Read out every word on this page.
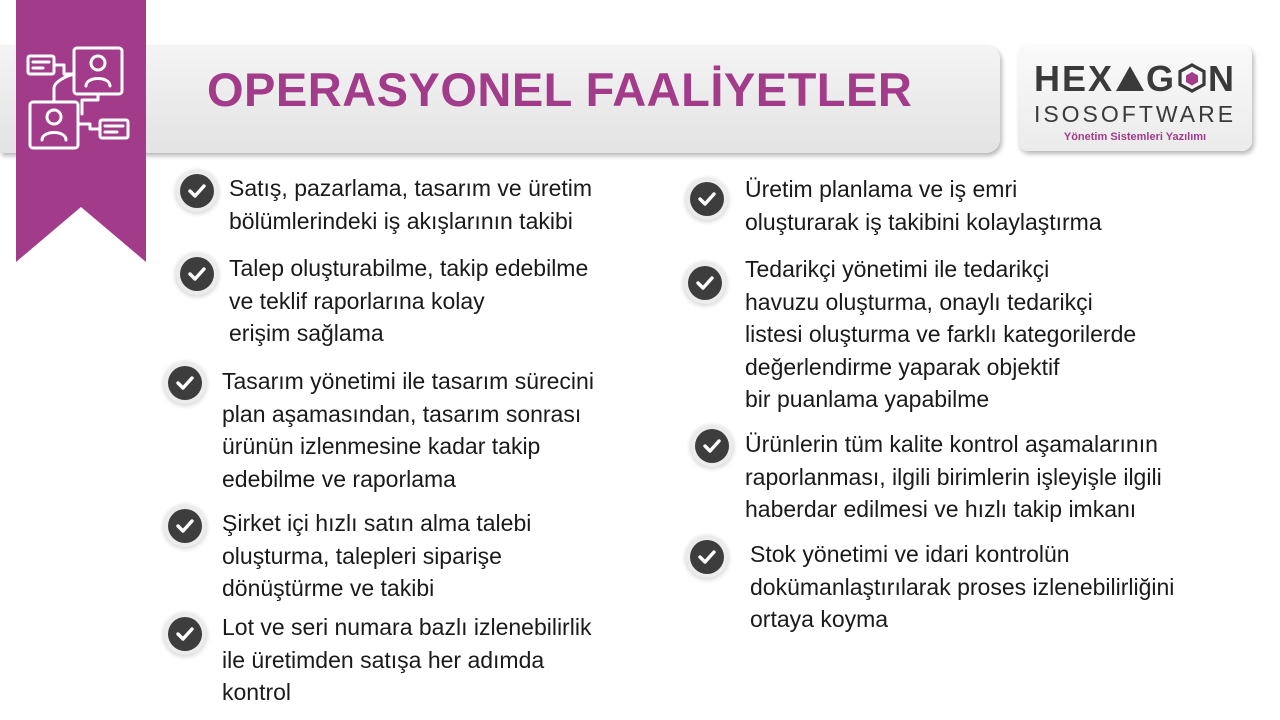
OPERASYONEL FAALİYETLER	HEX G N
ISOSOFTWARE
Yönetim Sistemleri Yazılımı

Satış, pazarlama, tasarım ve üretim
bölümlerindeki iş akışlarının takibi

Talep oluşturabilme, takip edebilme
ve teklif raporlarına kolay
erişim sağlama

Tasarım yönetimi ile tasarım sürecini
plan aşamasından, tasarım sonrası
ürünün izlenmesine kadar takip
edebilme ve raporlama

Şirket içi hızlı satın alma talebi
oluşturma, talepleri siparişe
dönüştürme ve takibi

Lot ve seri numara bazlı izlenebilirlik
ile üretimden satışa her adımda
kontrol

Üretim planlama ve iş emri
oluşturarak iş takibini kolaylaştırma

Tedarikçi yönetimi ile tedarikçi
havuzu oluşturma, onaylı tedarikçi
listesi oluşturma ve farklı kategorilerde
değerlendirme yaparak objektif
bir puanlama yapabilme

Ürünlerin tüm kalite kontrol aşamalarının
raporlanması, ilgili birimlerin işleyişle ilgili
haberdar edilmesi ve hızlı takip imkanı

Stok yönetimi ve idari kontrolün
dokümanlaştırılarak proses izlenebilirliğini
ortaya koyma
